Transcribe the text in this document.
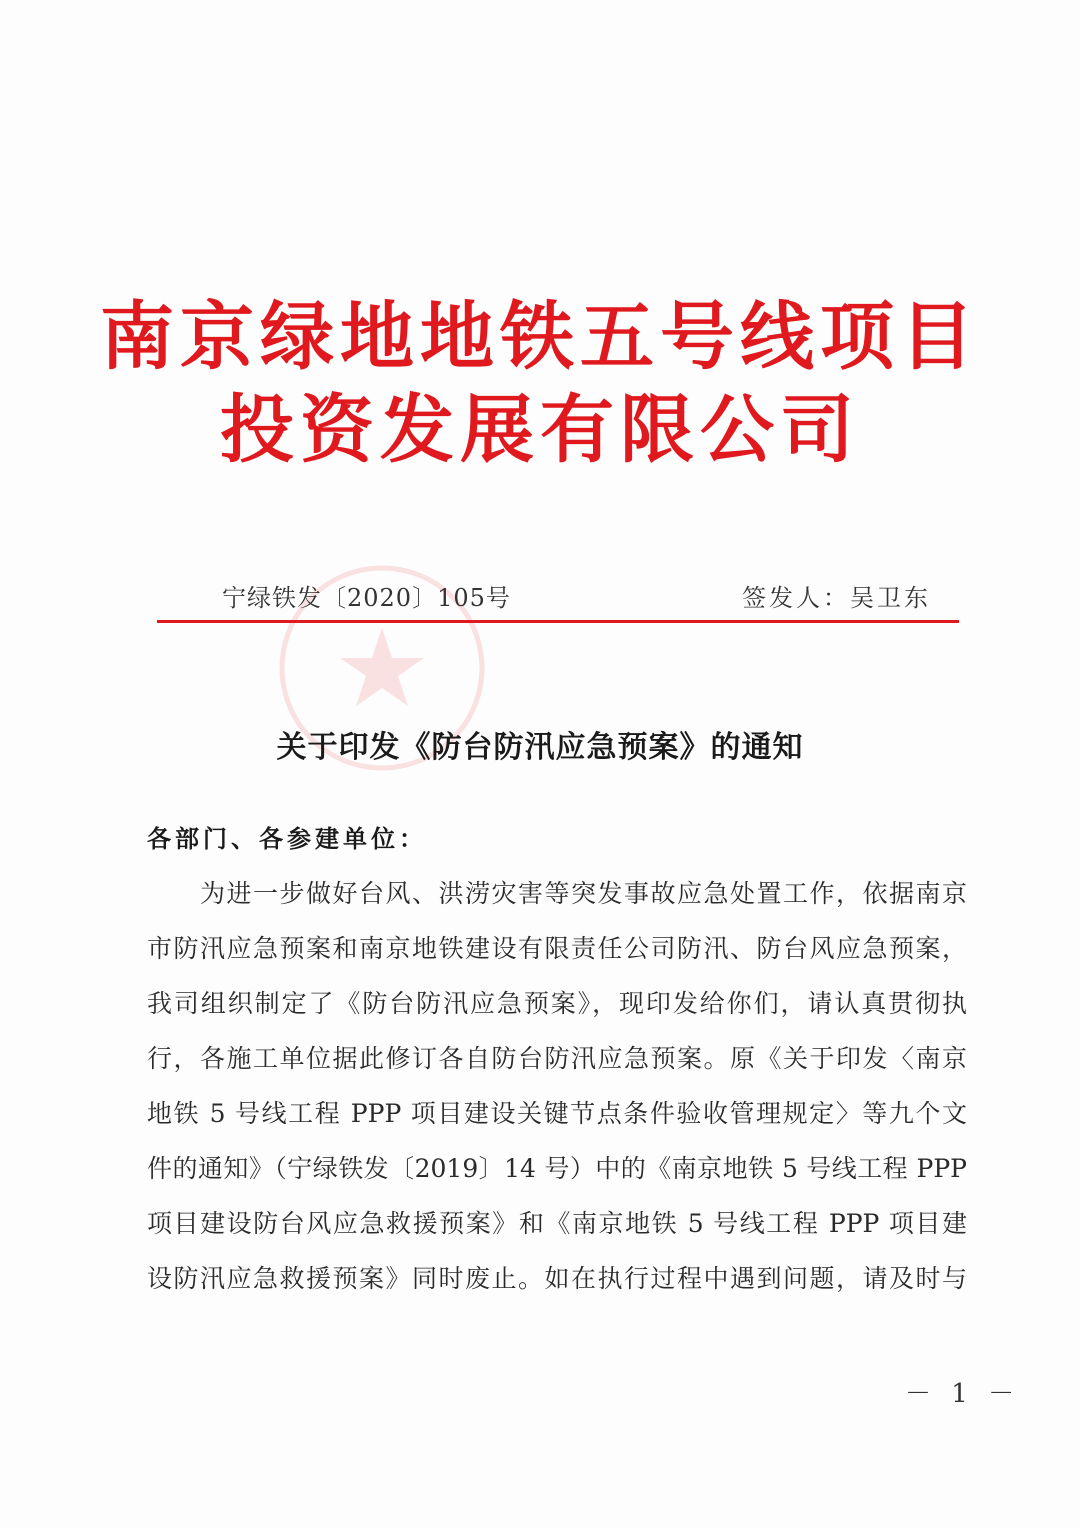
南京绿地地铁五号线项目
投资发展有限公司
宁绿铁发〔2020〕105号	签发人：吴卫东
关于印发《防台防汛应急预案》的通知
各部门、各参建单位：
为进一步做好台风、洪涝灾害等突发事故应急处置工作，依据南京
市防汛应急预案和南京地铁建设有限责任公司防汛、防台风应急预案，
我司组织制定了《防台防汛应急预案》，现印发给你们，请认真贯彻执
行，各施工单位据此修订各自防台防汛应急预案。原《关于印发〈南京
地铁 5 号线工程 PPP 项目建设关键节点条件验收管理规定〉等九个文
件的通知》（宁绿铁发〔2019〕14 号）中的《南京地铁 5 号线工程 PPP
项目建设防台风应急救援预案》和《南京地铁 5 号线工程 PPP 项目建
设防汛应急救援预案》同时废止。如在执行过程中遇到问题，请及时与
－ 1 －
